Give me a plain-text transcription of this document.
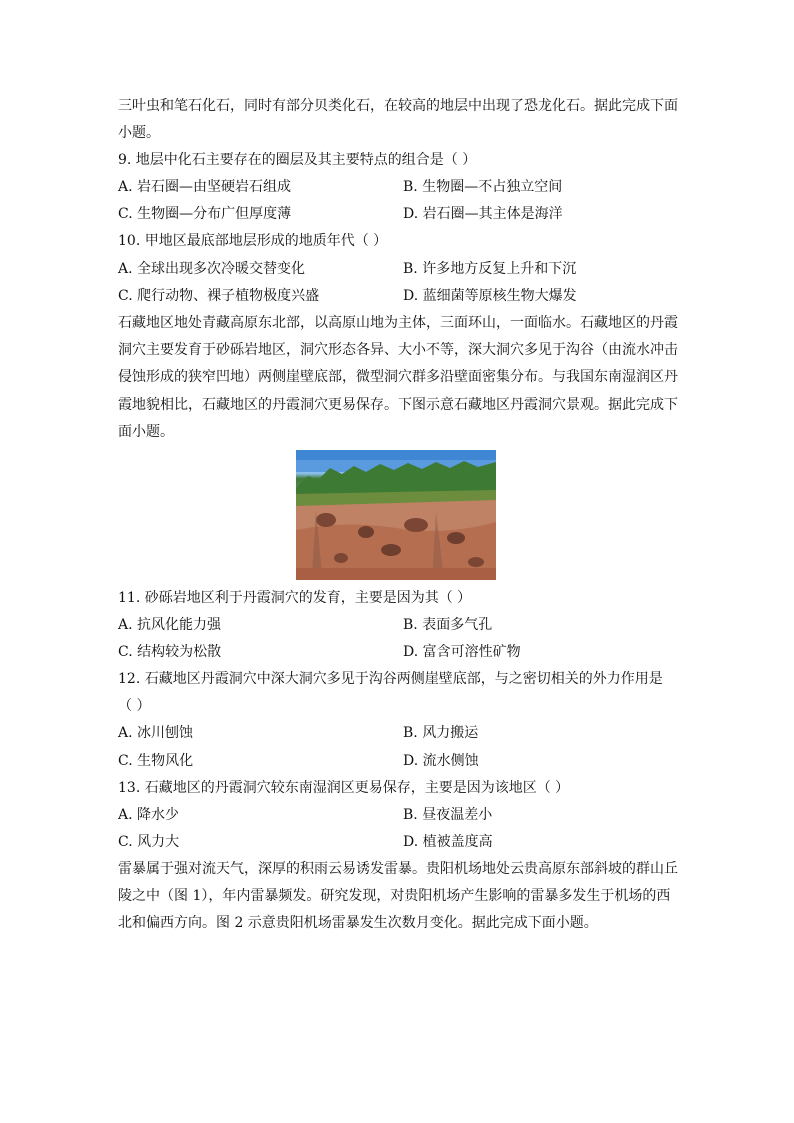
三叶虫和笔石化石，同时有部分贝类化石，在较高的地层中出现了恐龙化石。据此完成下面
小题。
9. 地层中化石主要存在的圈层及其主要特点的组合是（ ）
A. 岩石圈—由坚硬岩石组成	B. 生物圈—不占独立空间
C. 生物圈—分布广但厚度薄	D. 岩石圈—其主体是海洋
10. 甲地区最底部地层形成的地质年代（ ）
A. 全球出现多次冷暖交替变化	B. 许多地方反复上升和下沉
C. 爬行动物、裸子植物极度兴盛	D. 蓝细菌等原核生物大爆发
石藏地区地处青藏高原东北部，以高原山地为主体，三面环山，一面临水。石藏地区的丹霞
洞穴主要发育于砂砾岩地区，洞穴形态各异、大小不等，深大洞穴多见于沟谷（由流水冲击
侵蚀形成的狭窄凹地）两侧崖壁底部，微型洞穴群多沿壁面密集分布。与我国东南湿润区丹
霞地貌相比，石藏地区的丹霞洞穴更易保存。下图示意石藏地区丹霞洞穴景观。据此完成下
面小题。
11. 砂砾岩地区利于丹霞洞穴的发育，主要是因为其（ ）
A. 抗风化能力强	B. 表面多气孔
C. 结构较为松散	D. 富含可溶性矿物
12. 石藏地区丹霞洞穴中深大洞穴多见于沟谷两侧崖壁底部，与之密切相关的外力作用是
（ ）
A. 冰川刨蚀	B. 风力搬运
C. 生物风化	D. 流水侧蚀
13. 石藏地区的丹霞洞穴较东南湿润区更易保存，主要是因为该地区（ ）
A. 降水少	B. 昼夜温差小
C. 风力大	D. 植被盖度高
雷暴属于强对流天气，深厚的积雨云易诱发雷暴。贵阳机场地处云贵高原东部斜坡的群山丘
陵之中（图 1），年内雷暴频发。研究发现，对贵阳机场产生影响的雷暴多发生于机场的西
北和偏西方向。图 2 示意贵阳机场雷暴发生次数月变化。据此完成下面小题。
